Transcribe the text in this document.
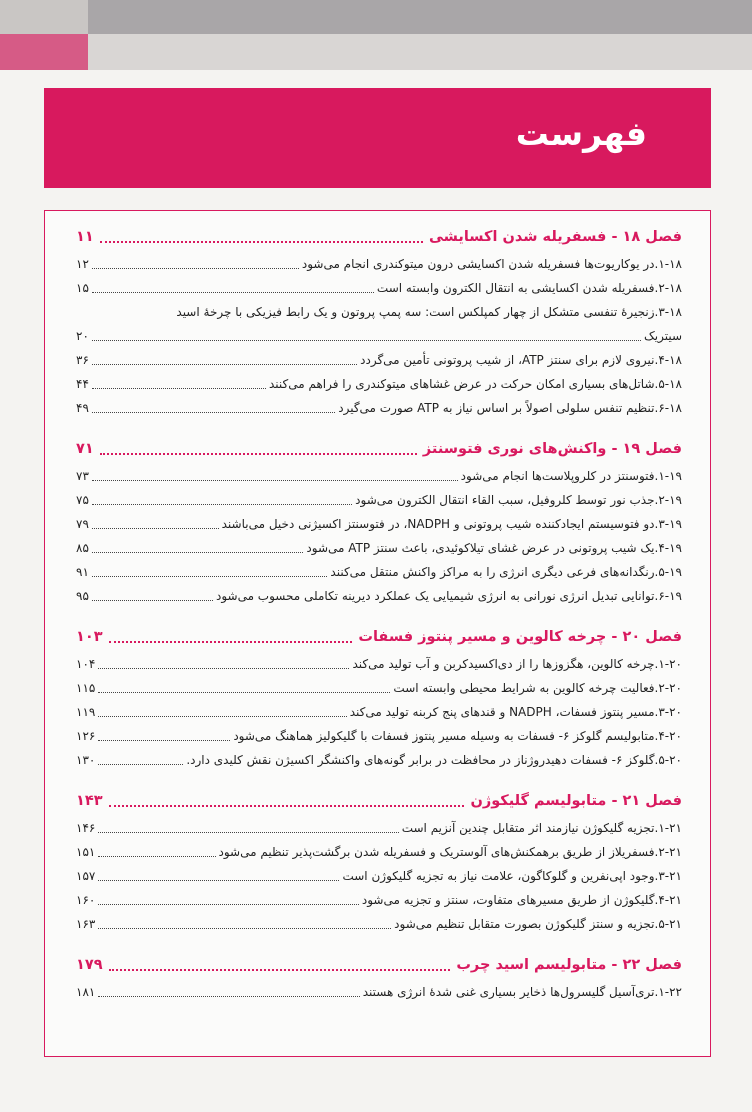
فهرست
فصل ۱۸ - فسفریله شدن اکسایشی
۱۱
۱-۱۸.
در یوکاریوت‌ها فسفریله شدن اکسایشی درون میتوکندری انجام می‌شود
۱۲
۲-۱۸.
فسفریله شدن اکسایشی به انتقال الکترون وابسته است
۱۵
۳-۱۸.
زنجیرهٔ تنفسی متشکل از چهار کمپلکس است: سه پمپ پروتون و یک رابط فیزیکی با چرخهٔ اسید
سیتریک
۲۰
۴-۱۸.
نیروی لازم برای سنتز ATP، از شیب پروتونی تأمین می‌گردد
۳۶
۵-۱۸.
شاتل‌های بسیاری امکان حرکت در عرض غشاهای میتوکندری را فراهم می‌کنند
۴۴
۶-۱۸.
تنظیم تنفس سلولی اصولاً بر اساس نیاز به ATP صورت می‌گیرد
۴۹
فصل ۱۹ - واکنش‌های نوری فتوسنتز
۷۱
۱-۱۹.
فتوسنتز در کلروپلاست‌ها انجام می‌شود
۷۳
۲-۱۹.
جذب نور توسط کلروفیل، سبب القاء انتقال الکترون می‌شود
۷۵
۳-۱۹.
دو فتوسیستم ایجادکننده شیب پروتونی و NADPH، در فتوسنتز اکسیژنی دخیل می‌باشند
۷۹
۴-۱۹.
یک شیب پروتونی در عرض غشای تیلاکوئیدی، باعث سنتز ATP می‌شود
۸۵
۵-۱۹.
رنگدانه‌های فرعی دیگری انرژی را به مراکز واکنش منتقل می‌کنند
۹۱
۶-۱۹.
توانایی تبدیل انرژی نورانی به انرژی شیمیایی یک عملکرد دیرینه تکاملی محسوب می‌شود
۹۵
فصل ۲۰ - چرخه کالوین و مسیر پنتوز فسفات
۱۰۳
۱-۲۰.
چرخه کالوین، هگزوزها را از دی‌اکسیدکربن و آب تولید می‌کند
۱۰۴
۲-۲۰.
فعالیت چرخه کالوین به شرایط محیطی وابسته است
۱۱۵
۳-۲۰.
مسیر پنتوز فسفات، NADPH و قندهای پنج کربنه تولید می‌کند
۱۱۹
۴-۲۰.
متابولیسم گلوکز ۶- فسفات به وسیله مسیر پنتوز فسفات با گلیکولیز هماهنگ می‌شود
۱۲۶
۵-۲۰.
گلوکز ۶- فسفات دهیدروژناز در محافظت در برابر گونه‌های واکنشگر اکسیژن نقش کلیدی دارد.
۱۳۰
فصل ۲۱ - متابولیسم گلیکوژن
۱۴۳
۱-۲۱.
تجزیه گلیکوژن نیازمند اثر متقابل چندین آنزیم است
۱۴۶
۲-۲۱.
فسفریلاز از طریق برهمکنش‌های آلوستریک و فسفریله شدن برگشت‌پذیر تنظیم می‌شود
۱۵۱
۳-۲۱.
وجود اپی‌نفرین و گلوکاگون، علامت نیاز به تجزیه گلیکوژن است
۱۵۷
۴-۲۱.
گلیکوژن از طریق مسیرهای متفاوت، سنتز و تجزیه می‌شود
۱۶۰
۵-۲۱.
تجزیه و سنتز گلیکوژن بصورت متقابل تنظیم می‌شود
۱۶۳
فصل ۲۲ - متابولیسم اسید چرب
۱۷۹
۱-۲۲.
تری‌آسیل گلیسرول‌ها ذخایر بسیاری غنی شدهٔ انرژی هستند
۱۸۱
